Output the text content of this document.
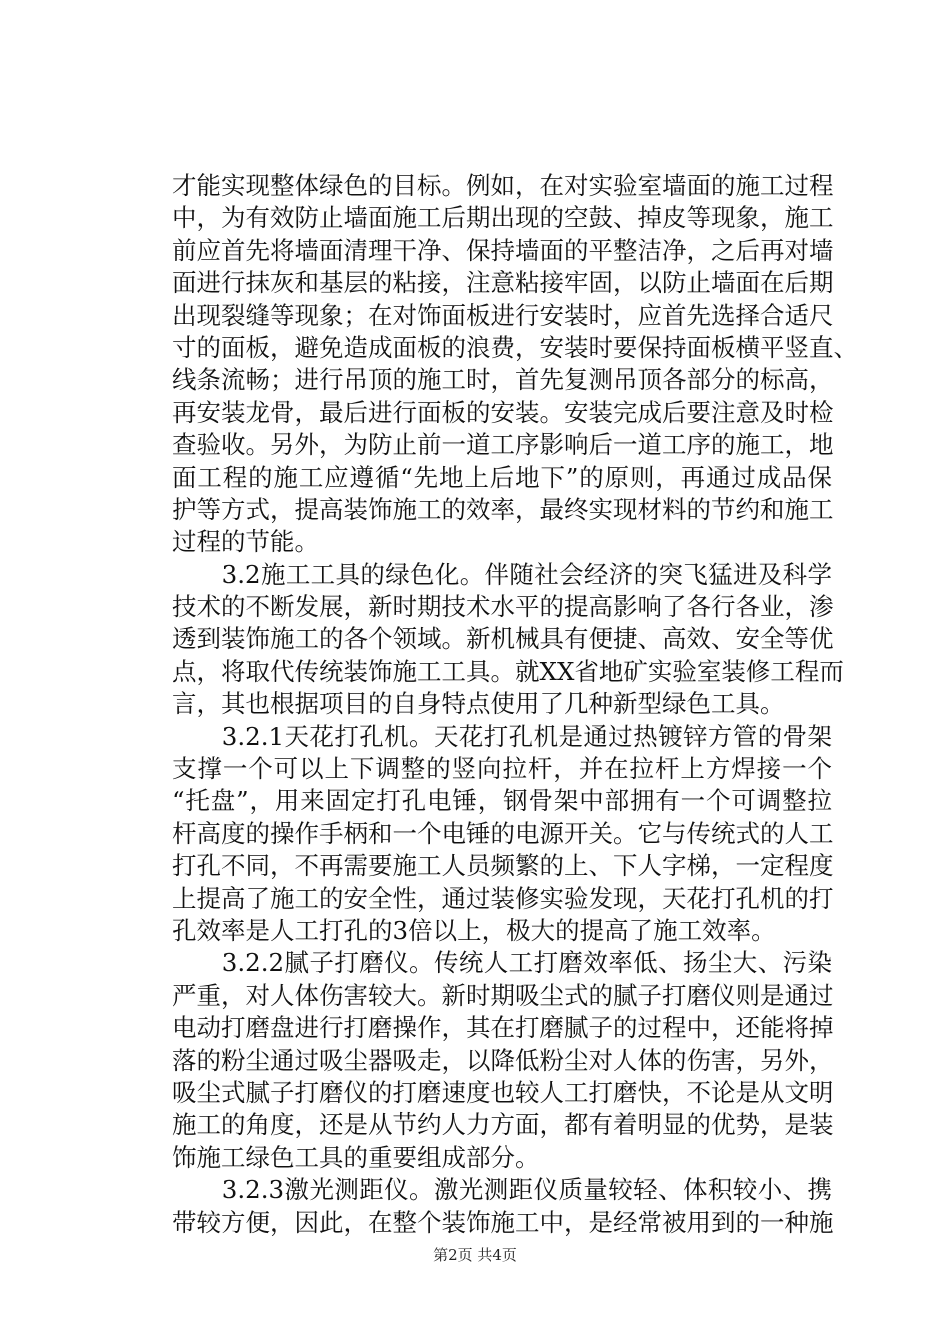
才能实现整体绿色的目标。例如，在对实验室墙面的施工过程
中，为有效防止墙面施工后期出现的空鼓、掉皮等现象，施工
前应首先将墙面清理干净、保持墙面的平整洁净，之后再对墙
面进行抹灰和基层的粘接，注意粘接牢固，以防止墙面在后期
出现裂缝等现象；在对饰面板进行安装时，应首先选择合适尺
寸的面板，避免造成面板的浪费，安装时要保持面板横平竖直、
线条流畅；进行吊顶的施工时，首先复测吊顶各部分的标高，
再安装龙骨，最后进行面板的安装。安装完成后要注意及时检
查验收。另外，为防止前一道工序影响后一道工序的施工，地
面工程的施工应遵循“先地上后地下”的原则，再通过成品保
护等方式，提高装饰施工的效率，最终实现材料的节约和施工
过程的节能。
　　3.2施工工具的绿色化。伴随社会经济的突飞猛进及科学
技术的不断发展，新时期技术水平的提高影响了各行各业，渗
透到装饰施工的各个领域。新机械具有便捷、高效、安全等优
点，将取代传统装饰施工工具。就XX省地矿实验室装修工程而
言，其也根据项目的自身特点使用了几种新型绿色工具。
　　3.2.1天花打孔机。天花打孔机是通过热镀锌方管的骨架
支撑一个可以上下调整的竖向拉杆，并在拉杆上方焊接一个
“托盘”，用来固定打孔电锤，钢骨架中部拥有一个可调整拉
杆高度的操作手柄和一个电锤的电源开关。它与传统式的人工
打孔不同，不再需要施工人员频繁的上、下人字梯，一定程度
上提高了施工的安全性，通过装修实验发现，天花打孔机的打
孔效率是人工打孔的3倍以上，极大的提高了施工效率。
　　3.2.2腻子打磨仪。传统人工打磨效率低、扬尘大、污染
严重，对人体伤害较大。新时期吸尘式的腻子打磨仪则是通过
电动打磨盘进行打磨操作，其在打磨腻子的过程中，还能将掉
落的粉尘通过吸尘器吸走，以降低粉尘对人体的伤害，另外，
吸尘式腻子打磨仪的打磨速度也较人工打磨快，不论是从文明
施工的角度，还是从节约人力方面，都有着明显的优势，是装
饰施工绿色工具的重要组成部分。
　　3.2.3激光测距仪。激光测距仪质量较轻、体积较小、携
带较方便，因此，在整个装饰施工中，是经常被用到的一种施
第2页 共4页
